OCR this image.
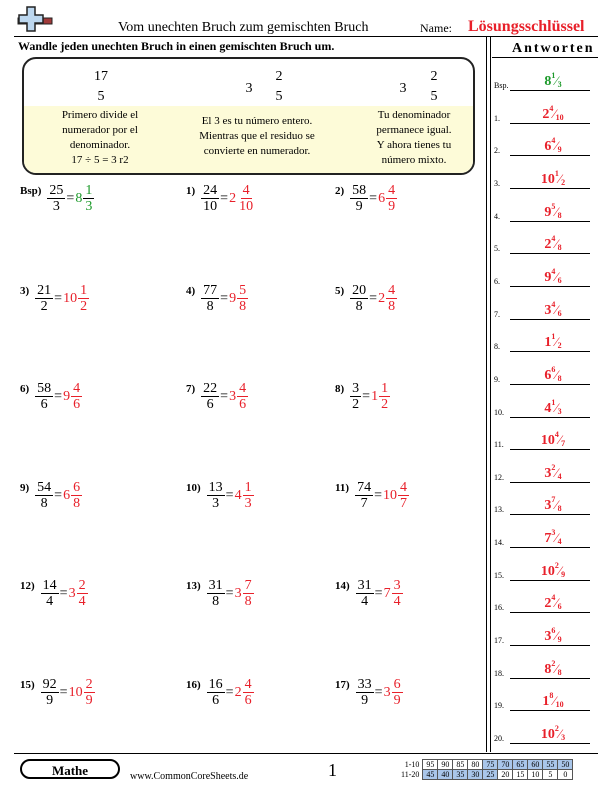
Vom unechten Bruch zum gemischten Bruch	Name: Lösungsschlüssel
Wandle jeden unechten Bruch in einen gemischten Bruch um.	Antworten
17
5
Primero divide el
numerador por el
denominador.
17 ÷ 5 = 3 r2
3
2
5
El 3 es tu número entero.
Mientras que el residuo se
convierte en numerador.
3
2
5
Tu denominador
permanece igual.
Y ahora tienes tu
número mixto.
$Bsp) \frac{25}{3} = 8 \frac{1}{3}$	$1) \frac{24}{10} = 2 \frac{4}{10}$	$2) \frac{58}{9} = 6 \frac{4}{9}$
$3) \frac{21}{2} = 10 \frac{1}{2}$	$4) \frac{77}{8} = 9 \frac{5}{8}$	$5) \frac{20}{8} = 2 \frac{4}{8}$
$6) \frac{58}{6} = 9 \frac{4}{6}$	$7) \frac{22}{6} = 3 \frac{4}{6}$	$8) \frac{3}{2} = 1 \frac{1}{2}$
$9) \frac{54}{8} = 6 \frac{6}{8}$	$10) \frac{13}{3} = 4 \frac{1}{3}$	$11) \frac{74}{7} = 10 \frac{4}{7}$
$12) \frac{14}{4} = 3 \frac{2}{4}$	$13) \frac{31}{8} = 3 \frac{7}{8}$	$14) \frac{31}{4} = 7 \frac{3}{4}$
$15) \frac{92}{9} = 10 \frac{2}{9}$	$16) \frac{16}{6} = 2 \frac{4}{6}$	$17) \frac{33}{9} = 3 \frac{6}{9}$
Bsp.	$8^1⁄_3$
1.	$2^4⁄_{10}$
2.	$6^4⁄_9$
3.	$10^1⁄_2$
4.	$9^5⁄_8$
5.	$2^4⁄_8$
6.	$9^4⁄_6$
7.	$3^4⁄_6$
8.	$1^1⁄_2$
9.	$6^6⁄_8$
10.	$4^1⁄_3$
11.	$10^4⁄_7$
12.	$3^2⁄_4$
13.	$3^7⁄_8$
14.	$7^3⁄_4$
15.	$10^2⁄_9$
16.	$2^4⁄_6$
17.	$3^6⁄_9$
18.	$8^2⁄_8$
19.	$1^8⁄_{10}$
20.	$10^2⁄_3$
Mathe	www.CommonCoreSheets.de	1	1-10	95	90	85	80	75	70	65	60	55	50
11-20	45	40	35	30	25	20	15	10	5	0
